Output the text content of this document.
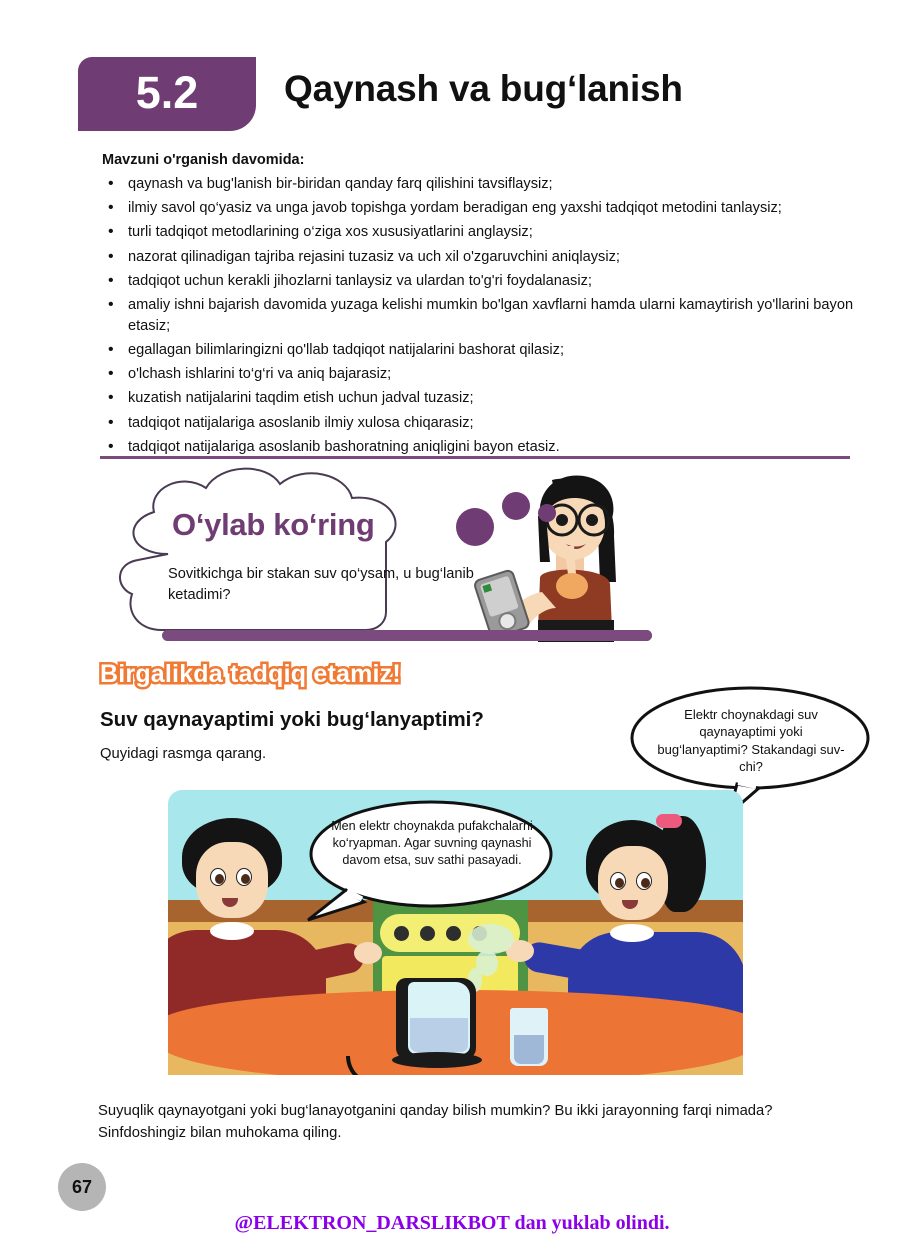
5.2 Qaynash va bug‘lanish
Mavzuni o'rganish davomida:
• qaynash va bug'lanish bir-biridan qanday farq qilishini tavsiflaysiz;
• ilmiy savol qo‘yasiz va unga javob topishga yordam beradigan eng yaxshi tadqiqot metodini tanlaysiz;
• turli tadqiqot metodlarining o‘ziga xos xususiyatlarini anglaysiz;
• nazorat qilinadigan tajriba rejasini tuzasiz va uch xil o'zgaruvchini aniqlaysiz;
• tadqiqot uchun kerakli jihozlarni tanlaysiz va ulardan to'g'ri foydalanasiz;
• amaliy ishni bajarish davomida yuzaga kelishi mumkin bo'lgan xavflarni hamda ularni kamaytirish yo'llarini bayon etasiz;
• egallagan bilimlaringizni qo'llab tadqiqot natijalarini bashorat qilasiz;
• o'lchash ishlarini to‘g‘ri va aniq bajarasiz;
• kuzatish natijalarini taqdim etish uchun jadval tuzasiz;
• tadqiqot natijalariga asoslanib ilmiy xulosa chiqarasiz;
• tadqiqot natijalariga asoslanib bashoratning aniqligini bayon etasiz.
O‘ylab ko‘ring
Sovitkichga bir stakan suv qo‘ysam, u bug‘lanib ketadimi?
Birgalikda tadqiq etamiz!
Suv qaynayaptimi yoki bug‘lanyaptimi?
Quyidagi rasmga qarang.
Elektr choynakdagi suv qaynayaptimi yoki bug‘lanyaptimi? Stakandagi suv-chi?
Men elektr choynakda pufakchalarni ko‘ryapman. Agar suvning qaynashi davom etsa, suv sathi pasayadi.
Suyuqlik qaynayotgani yoki bug‘lanayotganini qanday bilish mumkin? Bu ikki jarayonning farqi nimada? Sinfdoshingiz bilan muhokama qiling.
67
@ELEKTRON_DARSLIKBOT dan yuklab olindi.
